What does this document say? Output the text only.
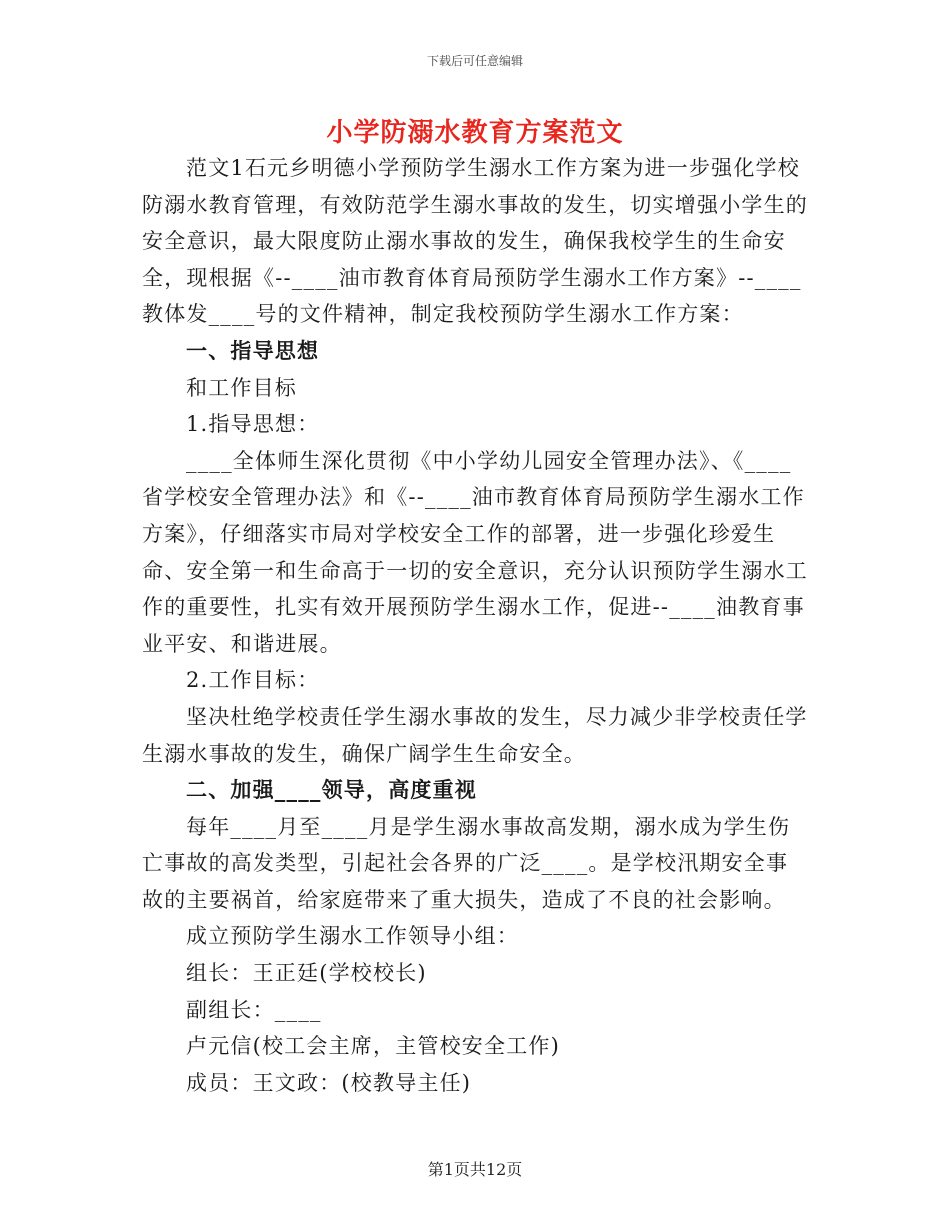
下载后可任意编辑
小学防溺水教育方案范文

范文1石元乡明德小学预防学生溺水工作方案为进一步强化学校防溺水教育管理，有效防范学生溺水事故的发生，切实增强小学生的安全意识，最大限度防止溺水事故的发生，确保我校学生的生命安全，现根据《--____油市教育体育局预防学生溺水工作方案》--____教体发____号的文件精神，制定我校预防学生溺水工作方案：

一、指导思想

和工作目标

1.指导思想：

____全体师生深化贯彻《中小学幼儿园安全管理办法》、《____省学校安全管理办法》和《--____油市教育体育局预防学生溺水工作方案》，仔细落实市局对学校安全工作的部署，进一步强化珍爱生命、安全第一和生命高于一切的安全意识，充分认识预防学生溺水工作的重要性，扎实有效开展预防学生溺水工作，促进--____油教育事业平安、和谐进展。

2.工作目标：

坚决杜绝学校责任学生溺水事故的发生，尽力减少非学校责任学生溺水事故的发生，确保广阔学生生命安全。

二、加强____领导，高度重视

每年____月至____月是学生溺水事故高发期，溺水成为学生伤亡事故的高发类型，引起社会各界的广泛____。是学校汛期安全事故的主要祸首，给家庭带来了重大损失，造成了不良的社会影响。

成立预防学生溺水工作领导小组：

组长：王正廷(学校校长)

副组长：____

卢元信(校工会主席，主管校安全工作)

成员：王文政：(校教导主任)

第1页共12页
